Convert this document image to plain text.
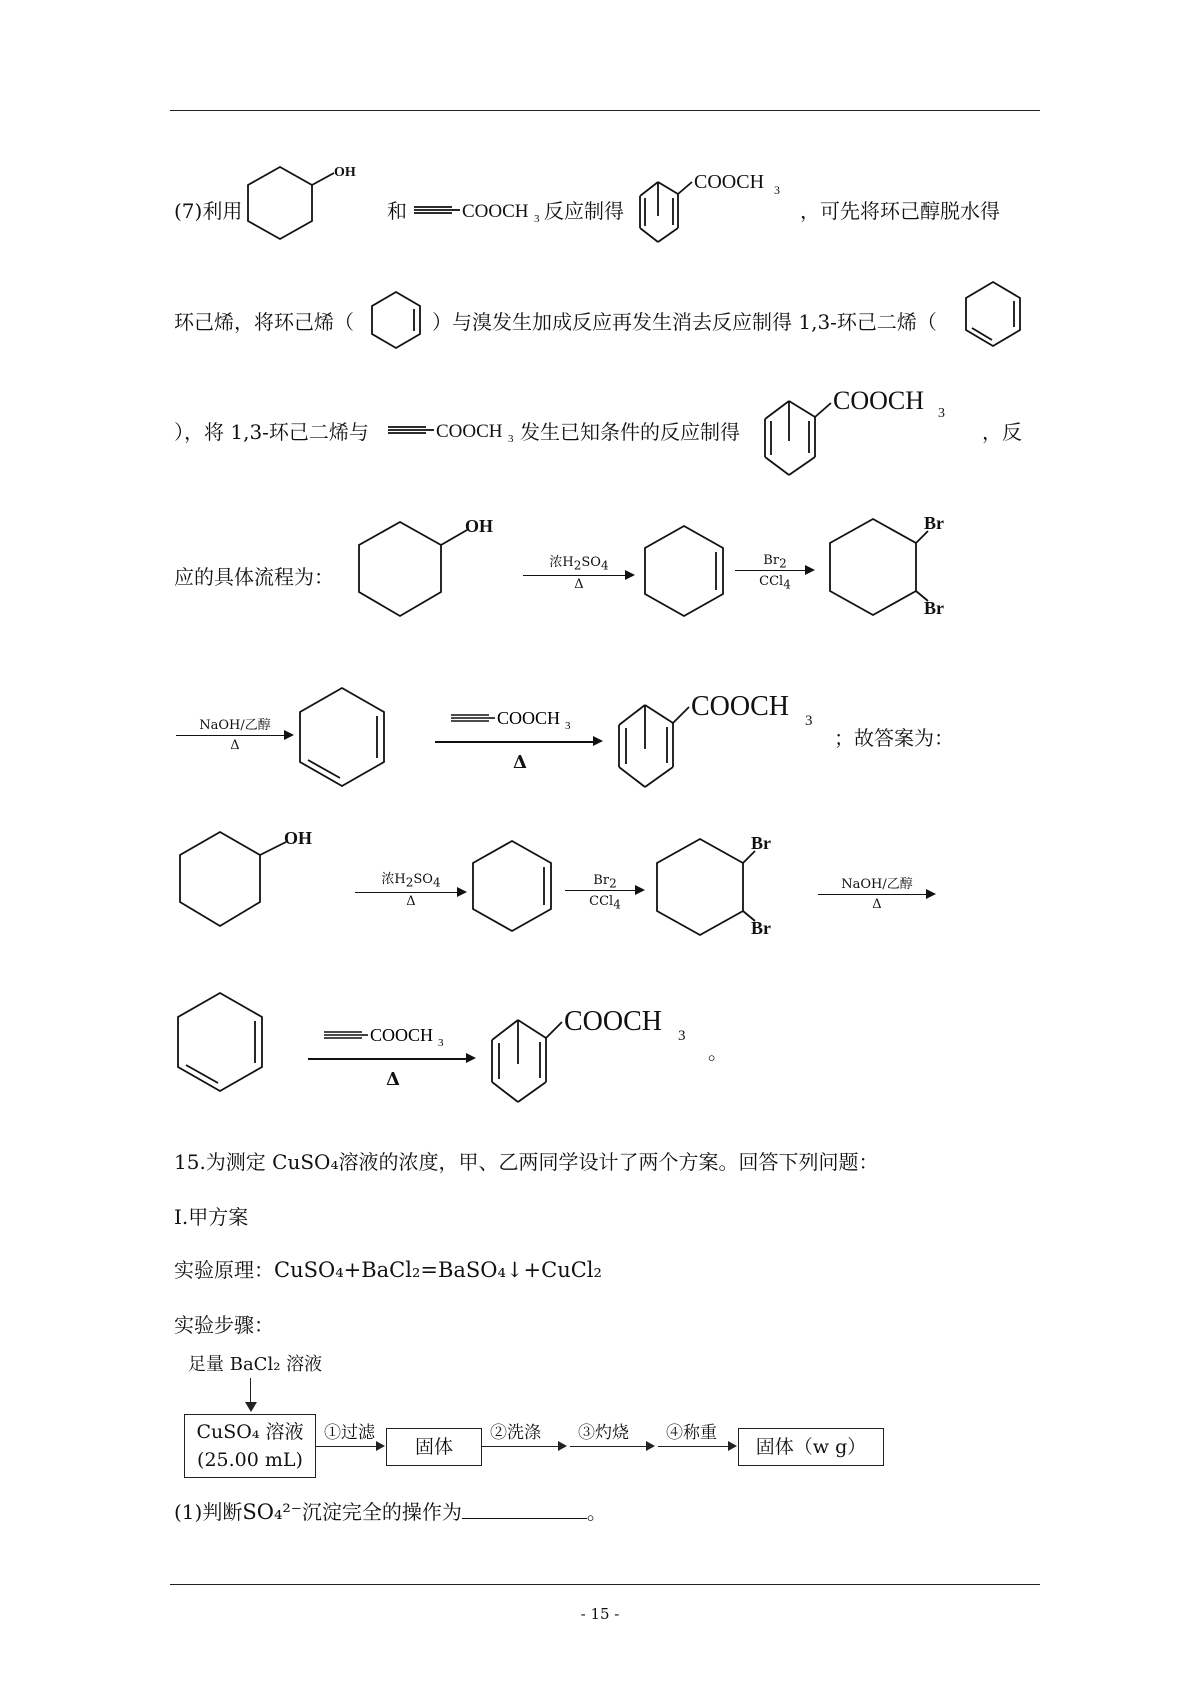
(7)利用
OH
和	COOCH 3 反应制得
COOCH 3
，可先将环己醇脱水得
环己烯，将环己烯（	）与溴发生加成反应再发生消去反应制得 1,3-环己二烯（
），将 1,3-环己二烯与	COOCH 3 发生已知条件的反应制得
COOCH 3
，反
应的具体流程为：
OH
浓$H_2SO_4$
Δ
$Br_2$
CCl$_4$
Br
Br
NaOH/乙醇
Δ
COOCH 3
Δ
COOCH 3
；故答案为：
OH
浓$H_2SO_4$
Δ
$Br_2$
CCl$_4$
Br
Br
NaOH/乙醇
Δ
COOCH 3
Δ
COOCH 3
。
15.为测定 CuSO₄溶液的浓度，甲、乙两同学设计了两个方案。回答下列问题：
I.甲方案
实验原理：CuSO₄+BaCl₂=BaSO₄↓+CuCl₂
实验步骤：
足量 BaCl₂ 溶液
CuSO₄ 溶液
(25.00 mL)
①过滤
固体
②洗涤 ③灼烧 ④称重
固体（w g）
(1)判断SO₄²⁻沉淀完全的操作为	。
- 15 -
